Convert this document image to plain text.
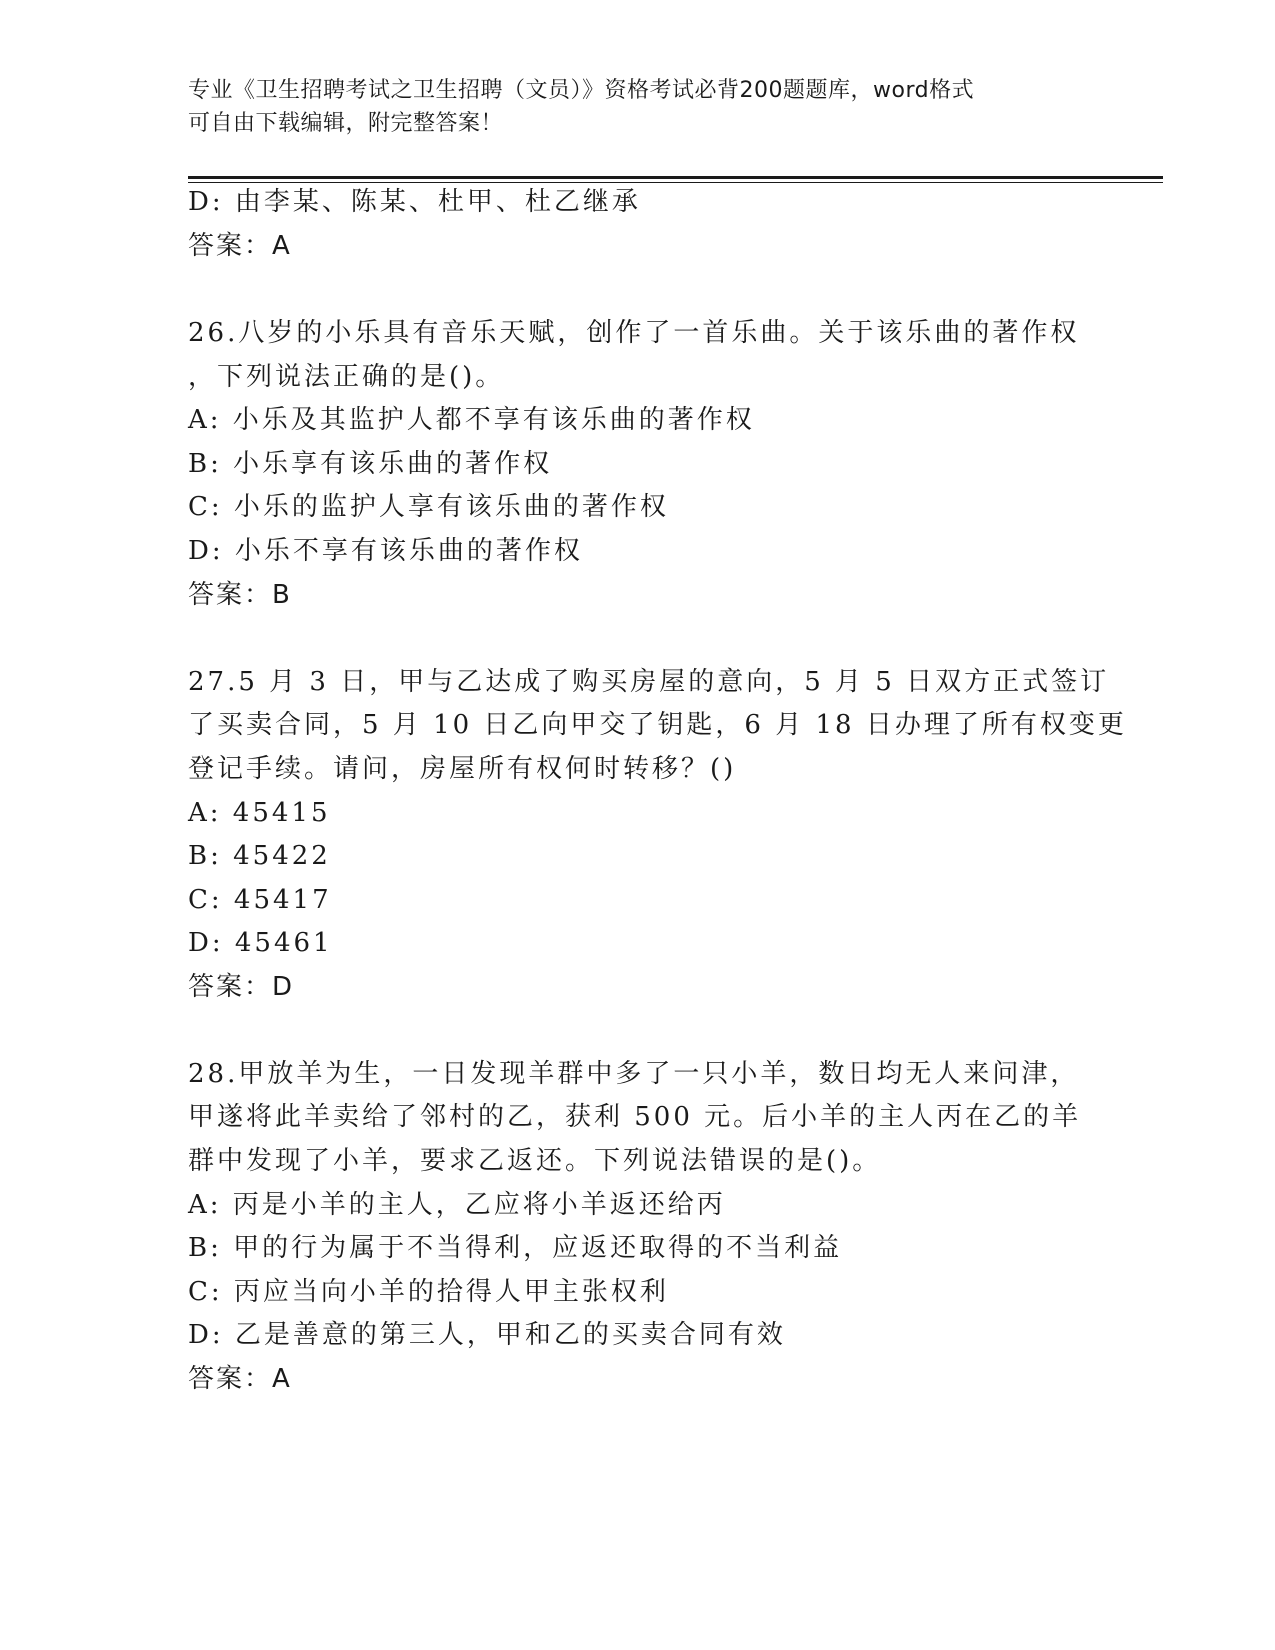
专业《卫生招聘考试之卫生招聘（文员）》资格考试必背200题题库，word格式
可自由下载编辑，附完整答案！
D: 由李某、陈某、杜甲、杜乙继承
答案：A
26.八岁的小乐具有音乐天赋，创作了一首乐曲。关于该乐曲的著作权
，下列说法正确的是()。
A: 小乐及其监护人都不享有该乐曲的著作权
B: 小乐享有该乐曲的著作权
C: 小乐的监护人享有该乐曲的著作权
D: 小乐不享有该乐曲的著作权
答案：B
27.5 月 3 日，甲与乙达成了购买房屋的意向，5 月 5 日双方正式签订
了买卖合同，5 月 10 日乙向甲交了钥匙，6 月 18 日办理了所有权变更
登记手续。请问，房屋所有权何时转移？()
A: 45415
B: 45422
C: 45417
D: 45461
答案：D
28.甲放羊为生，一日发现羊群中多了一只小羊，数日均无人来问津，
甲遂将此羊卖给了邻村的乙，获利 500 元。后小羊的主人丙在乙的羊
群中发现了小羊，要求乙返还。下列说法错误的是()。
A: 丙是小羊的主人，乙应将小羊返还给丙
B: 甲的行为属于不当得利，应返还取得的不当利益
C: 丙应当向小羊的拾得人甲主张权利
D: 乙是善意的第三人，甲和乙的买卖合同有效
答案：A
